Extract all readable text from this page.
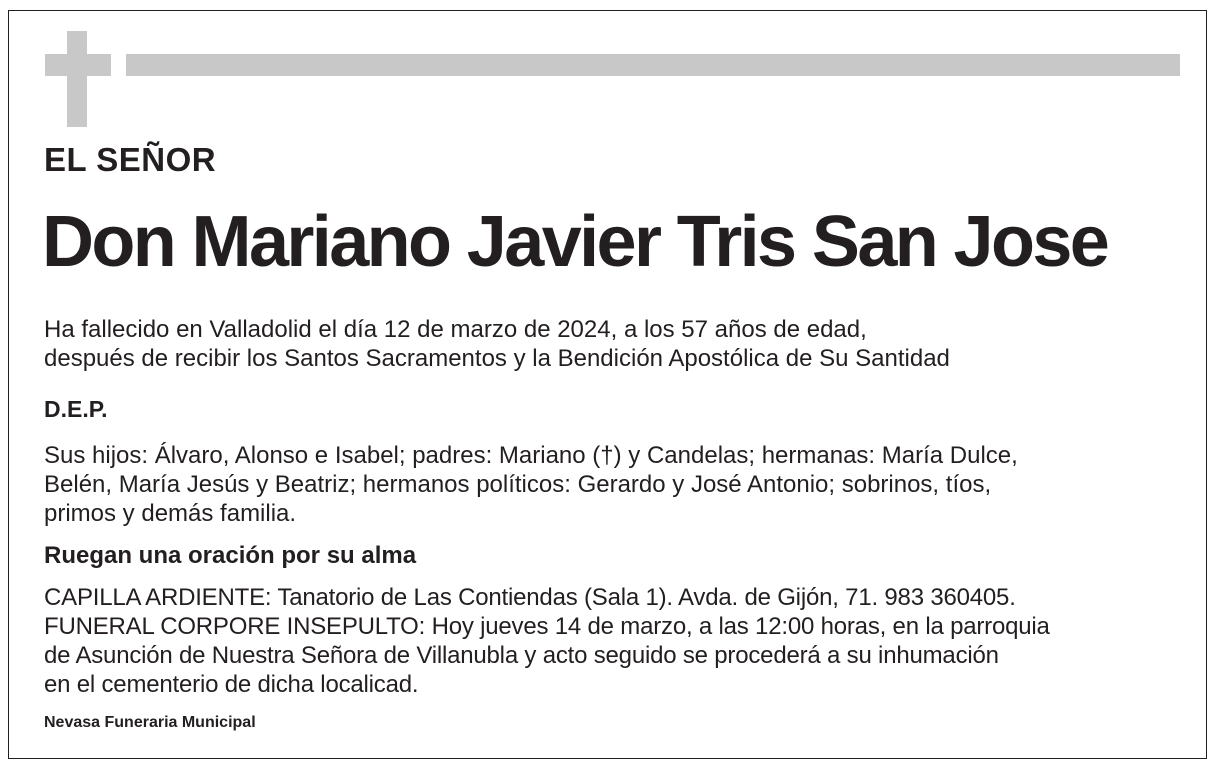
EL SEÑOR
Don Mariano Javier Tris San Jose
Ha fallecido en Valladolid el día 12 de marzo de 2024, a los 57 años de edad,
después de recibir los Santos Sacramentos y la Bendición Apostólica de Su Santidad
D.E.P.
Sus hijos: Álvaro, Alonso e Isabel; padres: Mariano (†) y Candelas; hermanas: María Dulce,
Belén, María Jesús y Beatriz; hermanos políticos: Gerardo y José Antonio; sobrinos, tíos,
primos y demás familia.
Ruegan una oración por su alma
CAPILLA ARDIENTE: Tanatorio de Las Contiendas (Sala 1). Avda. de Gijón, 71. 983 360405.
FUNERAL CORPORE INSEPULTO: Hoy jueves 14 de marzo, a las 12:00 horas, en la parroquia
de Asunción de Nuestra Señora de Villanubla y acto seguido se procederá a su inhumación
en el cementerio de dicha localicad.
Nevasa Funeraria Municipal
